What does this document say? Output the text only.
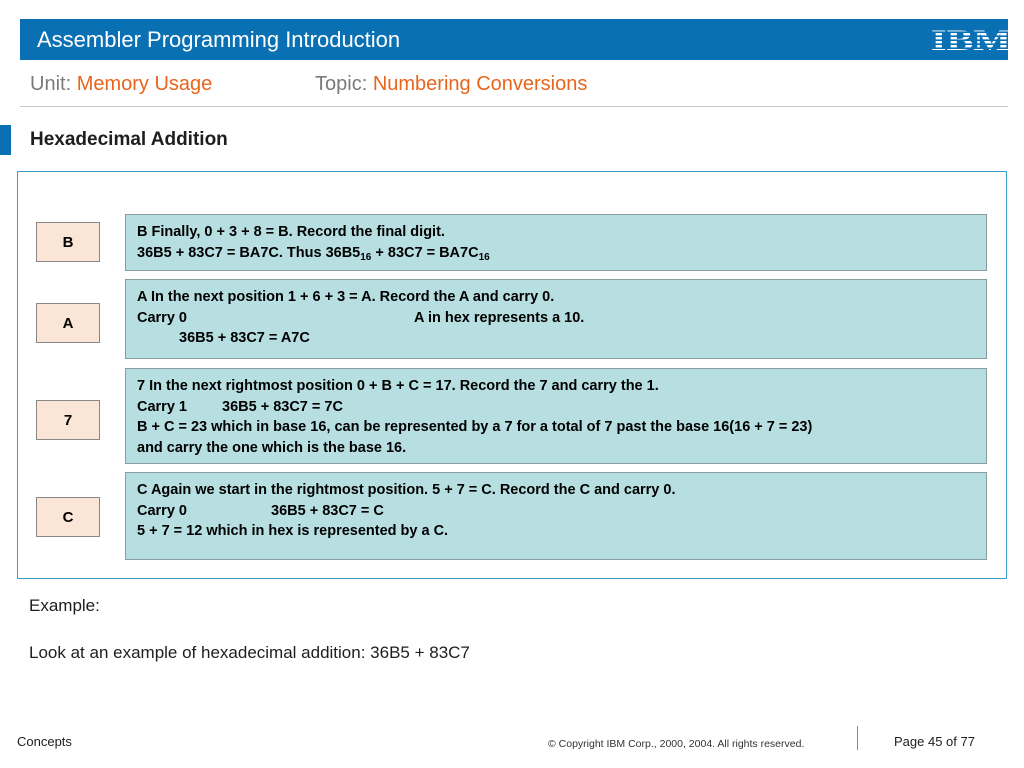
Assembler Programming Introduction	IBM
Unit: Memory Usage	Topic: Numbering Conversions
Hexadecimal Addition
B
B Finally, 0 + 3 + 8 = B. Record the final digit.
36B5 + 83C7 = BA7C. Thus $36B5_{16} + 83C7 = BA7C_{16}$
A
A In the next position 1 + 6 + 3 = A. Record the A and carry 0.
Carry 0	A in hex represents a 10.
36B5 + 83C7 = A7C
7
7 In the next rightmost position 0 + B + C = 17. Record the 7 and carry the 1.
Carry 1 36B5 + 83C7 = 7C
B + C = 23 which in base 16, can be represented by a 7 for a total of 7 past the base 16(16 + 7 = 23)
and carry the one which is the base 16.
C
C Again we start in the rightmost position. 5 + 7 = C. Record the C and carry 0.
Carry 0	36B5 + 83C7 = C
5 + 7 = 12 which in hex is represented by a C.
Example:
Look at an example of hexadecimal addition: 36B5 + 83C7
Concepts	© Copyright IBM Corp., 2000, 2004. All rights reserved.	Page 45 of 77
